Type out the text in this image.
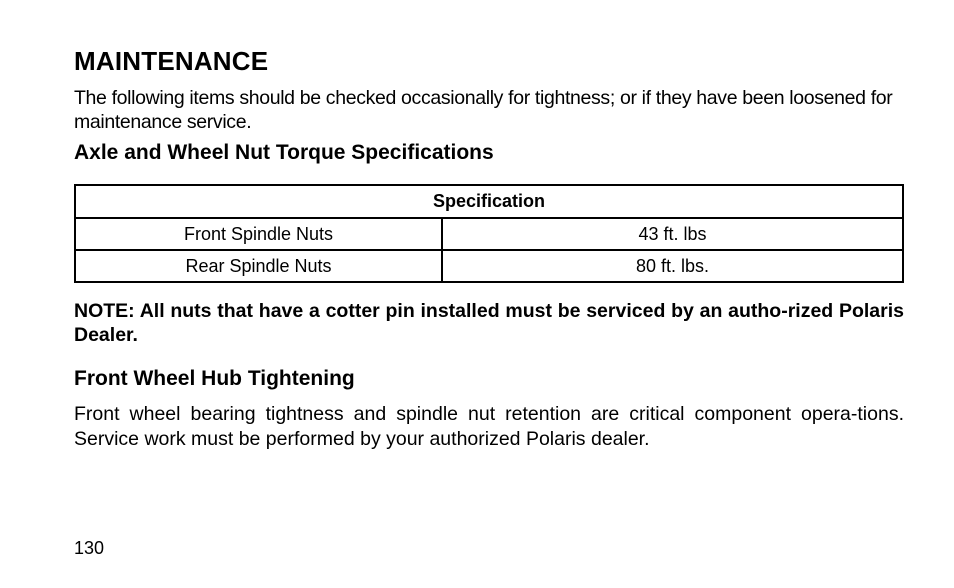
MAINTENANCE

The following items should be checked occasionally for tightness; or if they have been loosened for maintenance service.

Axle and Wheel Nut Torque Specifications
Specification	
Front Spindle Nuts	43 ft. lbs
Rear Spindle Nuts	80 ft. lbs.

NOTE: All nuts that have a cotter pin installed must be serviced by an autho-rized Polaris Dealer.

Front Wheel Hub Tightening

Front wheel bearing tightness and spindle nut retention are critical component opera-tions. Service work must be performed by your authorized Polaris dealer.

130
